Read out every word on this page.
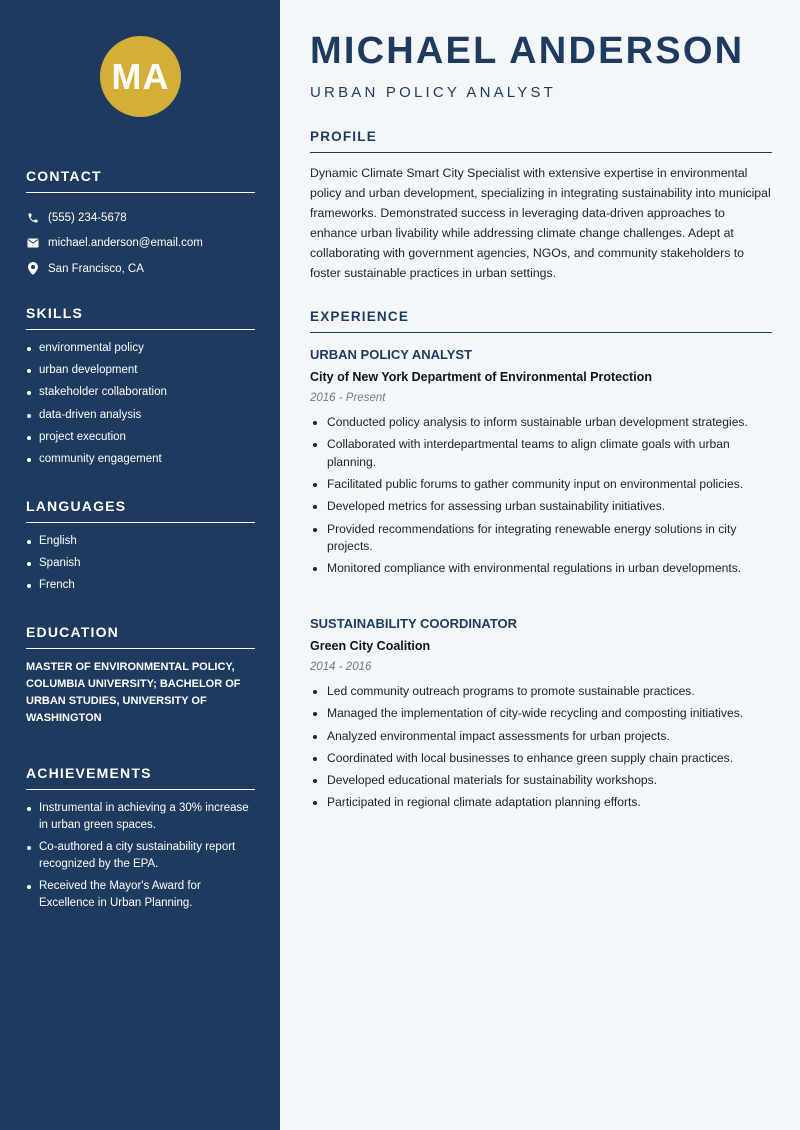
MA
CONTACT
(555) 234-5678
michael.anderson@email.com
San Francisco, CA
SKILLS
environmental policy
urban development
stakeholder collaboration
data-driven analysis
project execution
community engagement
LANGUAGES
English
Spanish
French
EDUCATION

MASTER OF ENVIRONMENTAL POLICY, COLUMBIA UNIVERSITY; BACHELOR OF URBAN STUDIES, UNIVERSITY OF WASHINGTON

ACHIEVEMENTS
Instrumental in achieving a 30% increase in urban green spaces.
Co-authored a city sustainability report recognized by the EPA.
Received the Mayor's Award for Excellence in Urban Planning.
MICHAEL ANDERSON
URBAN POLICY ANALYST
PROFILE

Dynamic Climate Smart City Specialist with extensive expertise in environmental policy and urban development, specializing in integrating sustainability into municipal frameworks. Demonstrated success in leveraging data-driven approaches to enhance urban livability while addressing climate change challenges. Adept at collaborating with government agencies, NGOs, and community stakeholders to foster sustainable practices in urban settings.

EXPERIENCE
URBAN POLICY ANALYST
City of New York Department of Environmental Protection
2016 - Present
Conducted policy analysis to inform sustainable urban development strategies.
Collaborated with interdepartmental teams to align climate goals with urban planning.
Facilitated public forums to gather community input on environmental policies.
Developed metrics for assessing urban sustainability initiatives.
Provided recommendations for integrating renewable energy solutions in city projects.
Monitored compliance with environmental regulations in urban developments.
SUSTAINABILITY COORDINATOR
Green City Coalition
2014 - 2016
Led community outreach programs to promote sustainable practices.
Managed the implementation of city-wide recycling and composting initiatives.
Analyzed environmental impact assessments for urban projects.
Coordinated with local businesses to enhance green supply chain practices.
Developed educational materials for sustainability workshops.
Participated in regional climate adaptation planning efforts.
